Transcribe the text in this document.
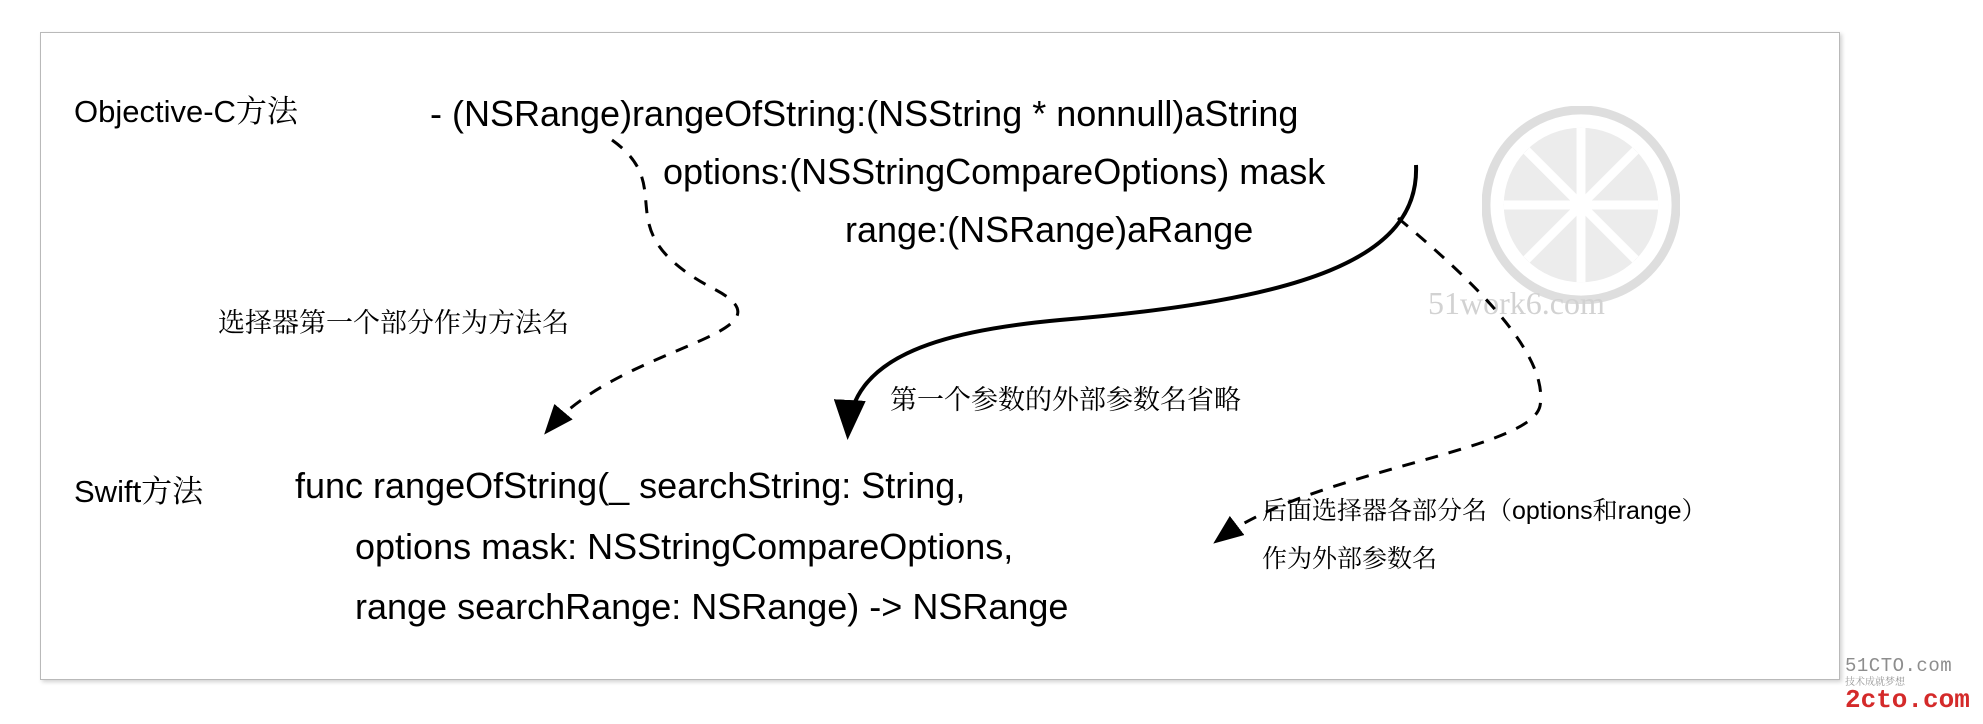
51work6.com
Objective-C方法	- (NSRange)rangeOfString:(NSString * nonnull)aString
options:(NSStringCompareOptions) mask
range:(NSRange)aRange
选择器第一个部分作为方法名
第一个参数的外部参数名省略
Swift方法	func rangeOfString(_ searchString: String,
options mask: NSStringCompareOptions,
range searchRange: NSRange) -> NSRange
后面选择器各部分名（options和range）
作为外部参数名
51CTO.com
技术成就梦想
2cto.com
